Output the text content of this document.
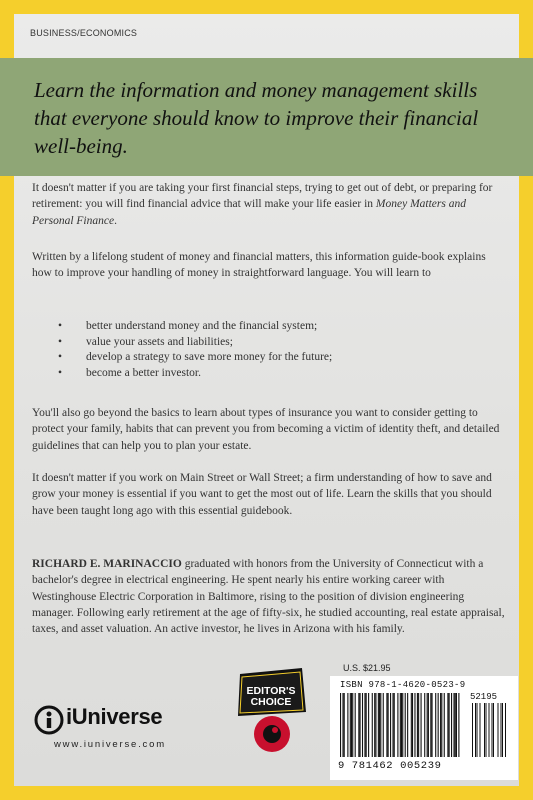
BUSINESS/ECONOMICS
Learn the information and money management skills that everyone should know to improve their financial well-being.
It doesn't matter if you are taking your first financial steps, trying to get out of debt, or preparing for retirement: you will find financial advice that will make your life easier in Money Matters and Personal Finance.
Written by a lifelong student of money and financial matters, this information guide-book explains how to improve your handling of money in straightforward language. You will learn to
• better understand money and the financial system;
• value your assets and liabilities;
• develop a strategy to save more money for the future;
• become a better investor.
You'll also go beyond the basics to learn about types of insurance you want to consider getting to protect your family, habits that can prevent you from becoming a victim of identity theft, and detailed guidelines that can help you to plan your estate.
It doesn't matter if you work on Main Street or Wall Street; a firm understanding of how to save and grow your money is essential if you want to get the most out of life. Learn the skills that you should have been taught long ago with this essential guidebook.
RICHARD E. MARINACCIO graduated with honors from the University of Connecticut with a bachelor's degree in electrical engineering. He spent nearly his entire working career with Westinghouse Electric Corporation in Baltimore, rising to the position of division engineering manager. Following early retirement at the age of fifty-six, he studied accounting, real estate appraisal, taxes, and asset valuation. An active investor, he lives in Arizona with his family.
U.S. $21.95
ISBN 978-1-4620-0523-9
52195
9 781462 005239
EDITOR'S
CHOICE
iUniverse
www.iuniverse.com
